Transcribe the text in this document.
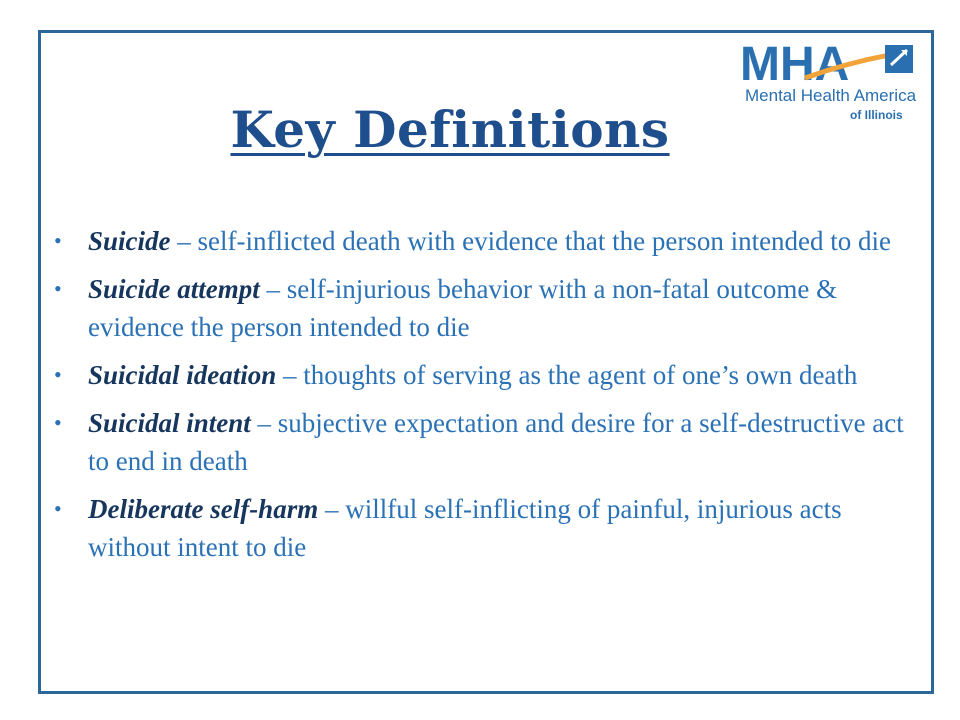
MHA
Mental Health America
of Illinois
Key Definitions
• Suicide – self-inflicted death with evidence that the person intended to die
• Suicide attempt – self-injurious behavior with a non-fatal outcome & evidence the person intended to die
• Suicidal ideation – thoughts of serving as the agent of one’s own death
• Suicidal intent – subjective expectation and desire for a self-destructive act to end in death
• Deliberate self-harm – willful self-inflicting of painful, injurious acts without intent to die
